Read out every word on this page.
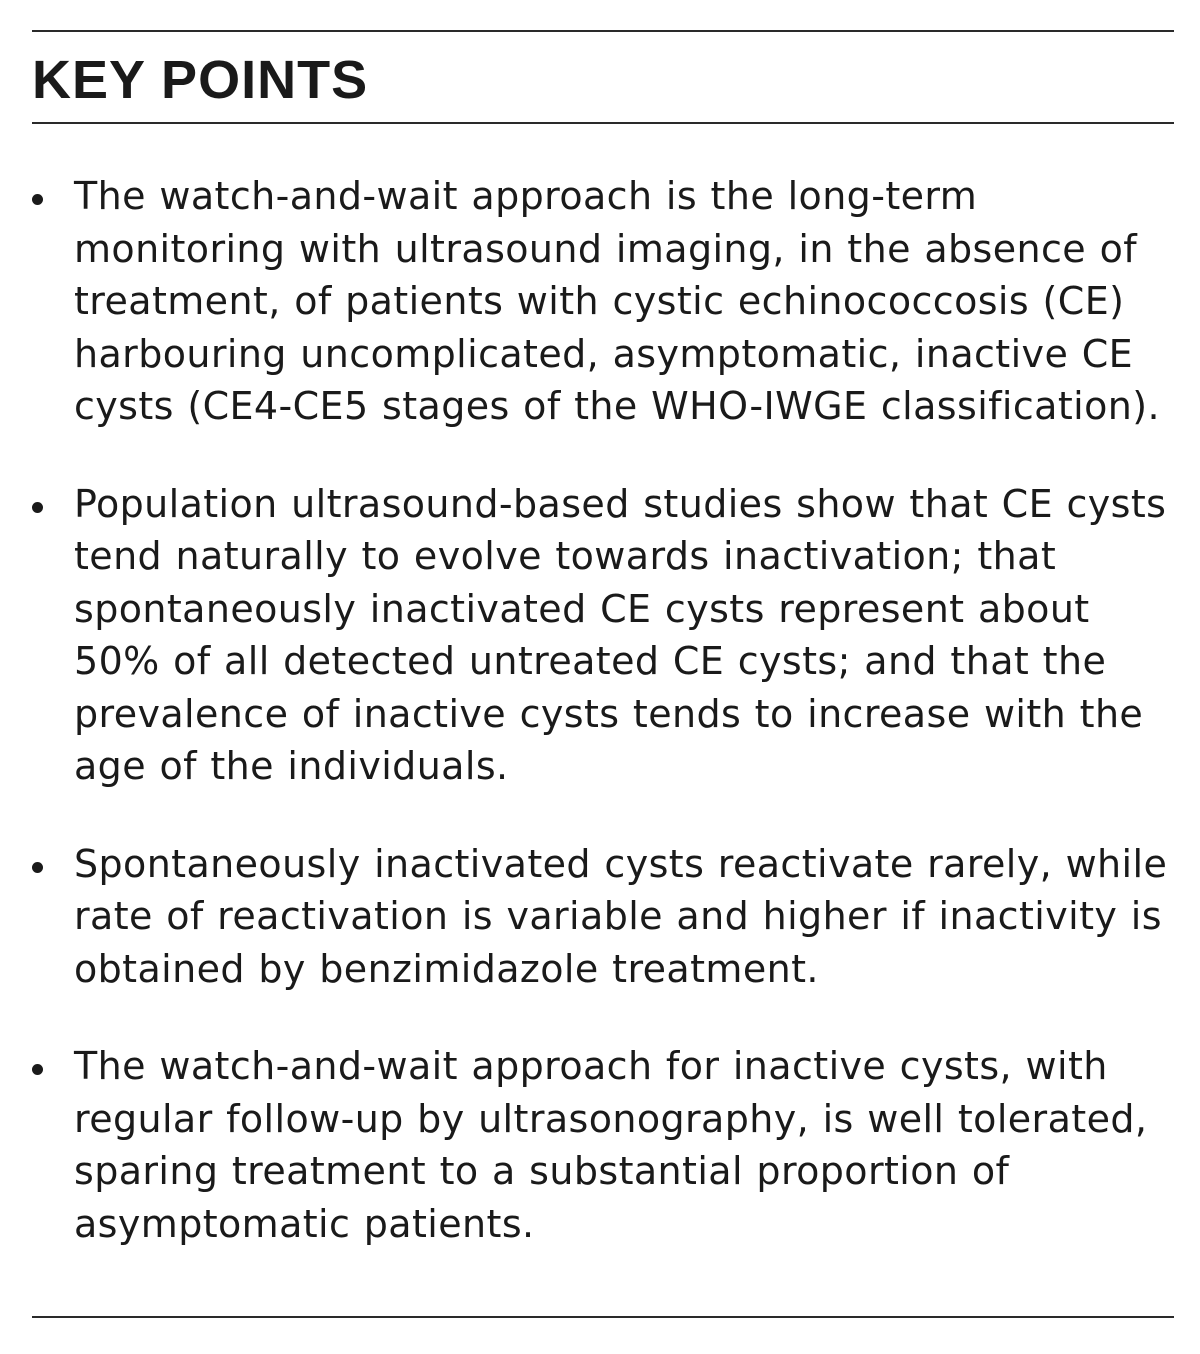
KEY POINTS
The watch-and-wait approach is the long-term monitoring with ultrasound imaging, in the absence of treatment, of patients with cystic echinococcosis (CE) harbouring uncomplicated, asymptomatic, inactive CE cysts (CE4-CE5 stages of the WHO-IWGE classification).
Population ultrasound-based studies show that CE cysts tend naturally to evolve towards inactivation; that spontaneously inactivated CE cysts represent about 50% of all detected untreated CE cysts; and that the prevalence of inactive cysts tends to increase with the age of the individuals.
Spontaneously inactivated cysts reactivate rarely, while rate of reactivation is variable and higher if inactivity is obtained by benzimidazole treatment.
The watch-and-wait approach for inactive cysts, with regular follow-up by ultrasonography, is well tolerated, sparing treatment to a substantial proportion of asymptomatic patients.
